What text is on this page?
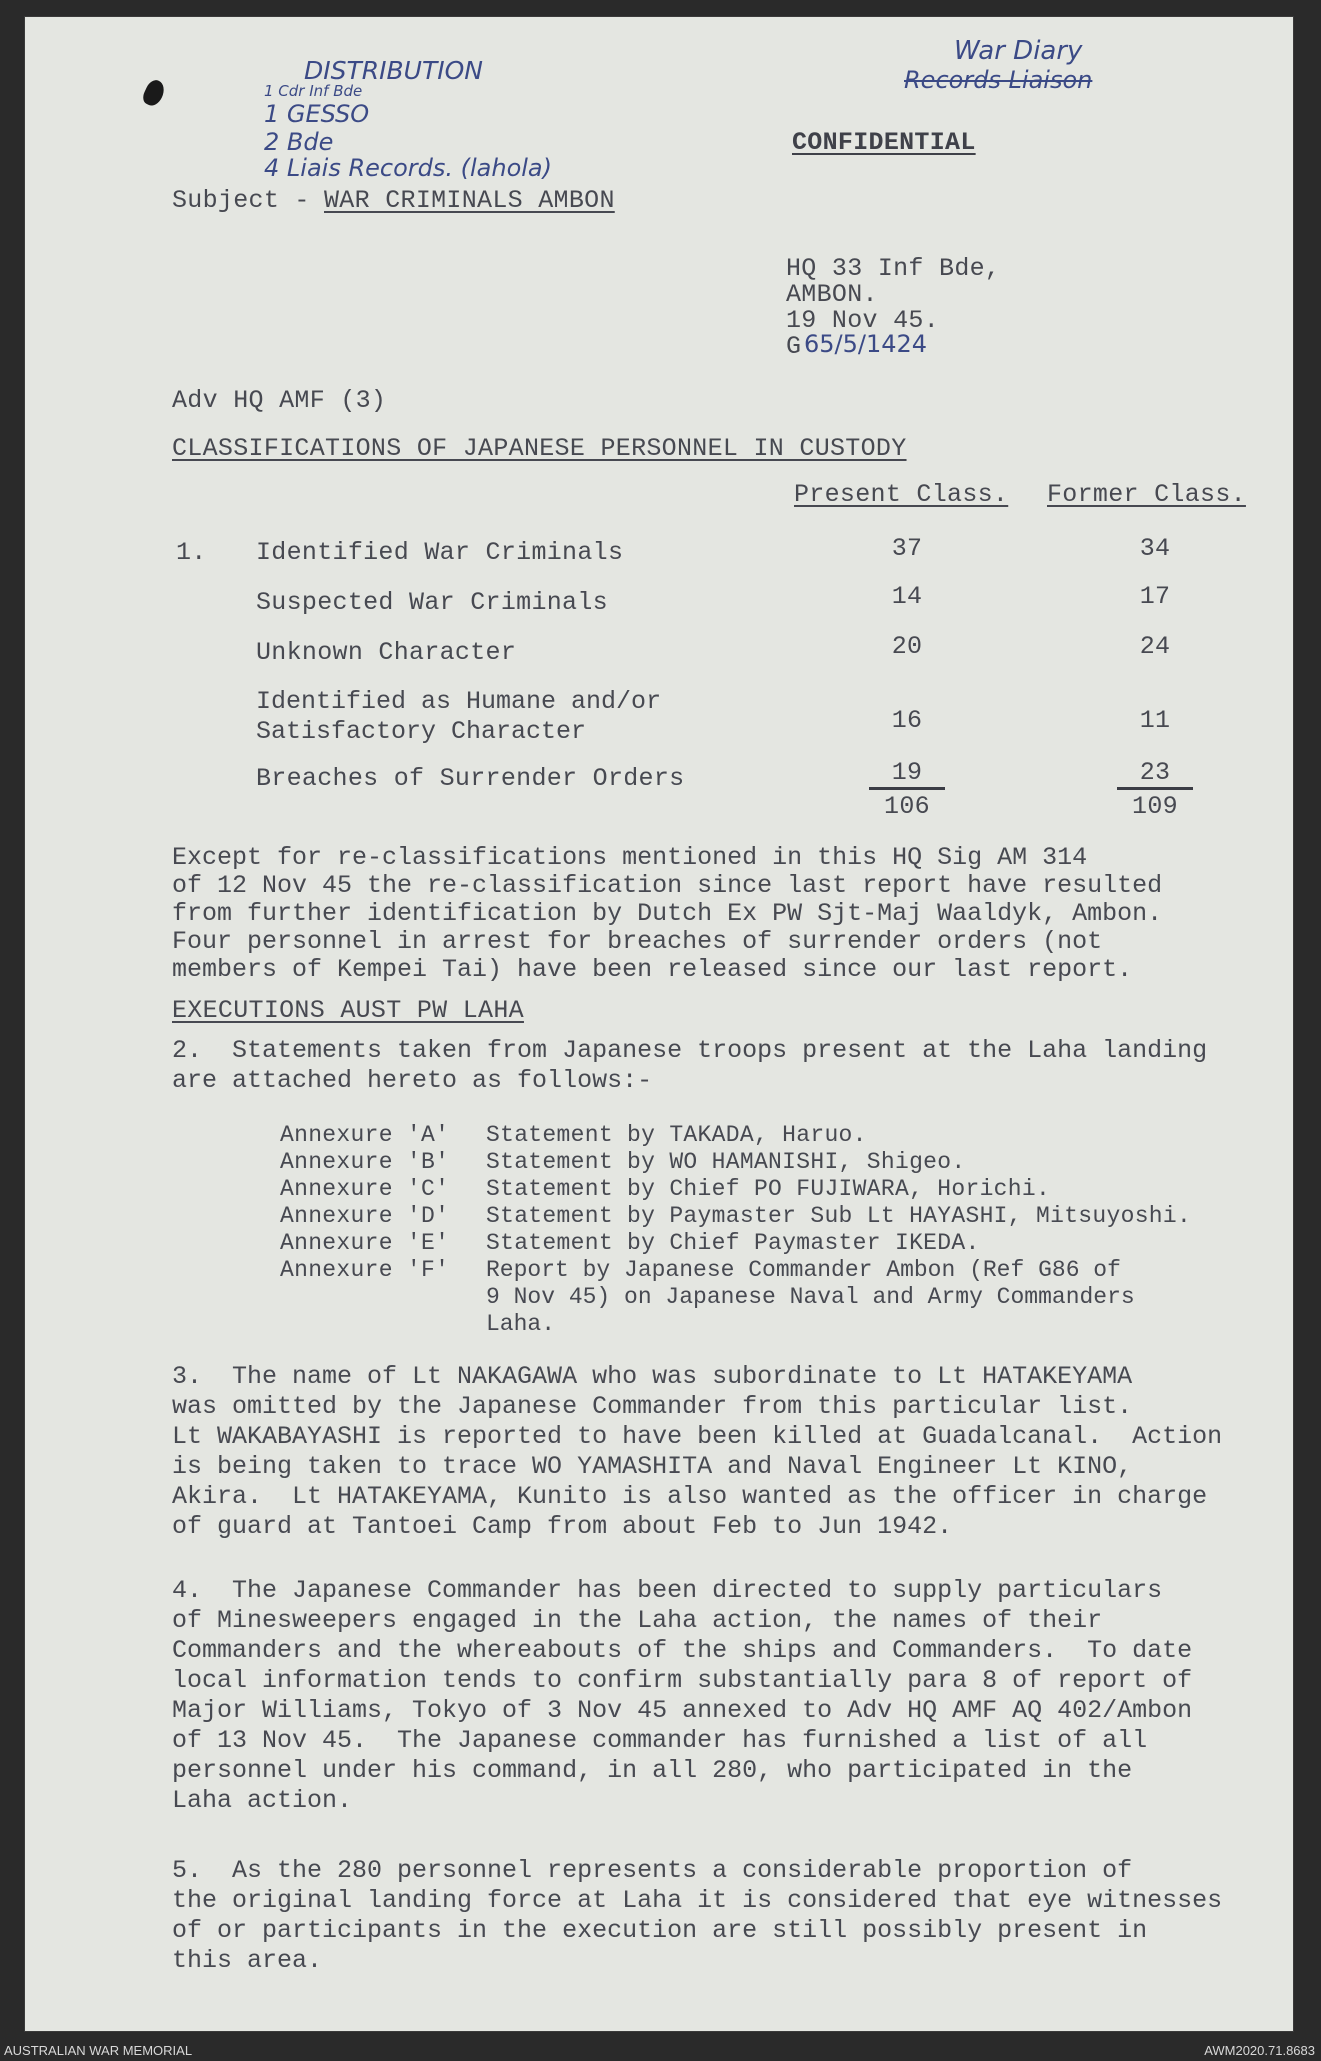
DISTRIBUTION
1 Cdr Inf Bde
1 GESSO
2 Bde
4 Liais Records. (lahola)
War Diary
Records Liaison
CONFIDENTIAL
Subject - WAR CRIMINALS AMBON
HQ 33 Inf Bde,
AMBON.
19 Nov 45.
G 65/5/1424
Adv HQ AMF (3)
CLASSIFICATIONS OF JAPANESE PERSONNEL IN CUSTODY
Present Class. Former Class.
1. Identified War Criminals	37	34
Suspected War Criminals	14	17
Unknown Character	20	24
Identified as Humane and/or
Satisfactory Character	16	11
Breaches of Surrender Orders	19	23
106	109
Except for re-classifications mentioned in this HQ Sig AM 314
of 12 Nov 45 the re-classification since last report have resulted
from further identification by Dutch Ex PW Sjt-Maj Waaldyk, Ambon.
Four personnel in arrest for breaches of surrender orders (not
members of Kempei Tai) have been released since our last report.
EXECUTIONS AUST PW LAHA
2.  Statements taken from Japanese troops present at the Laha landing
are attached hereto as follows:-
Annexure 'A' Statement by TAKADA, Haruo.
Annexure 'B' Statement by WO HAMANISHI, Shigeo.
Annexure 'C' Statement by Chief PO FUJIWARA, Horichi.
Annexure 'D' Statement by Paymaster Sub Lt HAYASHI, Mitsuyoshi.
Annexure 'E' Statement by Chief Paymaster IKEDA.
Annexure 'F' Report by Japanese Commander Ambon (Ref G86 of
9 Nov 45) on Japanese Naval and Army Commanders
Laha.
3.  The name of Lt NAKAGAWA who was subordinate to Lt HATAKEYAMA
was omitted by the Japanese Commander from this particular list.
Lt WAKABAYASHI is reported to have been killed at Guadalcanal.  Action
is being taken to trace WO YAMASHITA and Naval Engineer Lt KINO,
Akira.  Lt HATAKEYAMA, Kunito is also wanted as the officer in charge
of guard at Tantoei Camp from about Feb to Jun 1942.
4.  The Japanese Commander has been directed to supply particulars
of Minesweepers engaged in the Laha action, the names of their
Commanders and the whereabouts of the ships and Commanders.  To date
local information tends to confirm substantially para 8 of report of
Major Williams, Tokyo of 3 Nov 45 annexed to Adv HQ AMF AQ 402/Ambon
of 13 Nov 45.  The Japanese commander has furnished a list of all
personnel under his command, in all 280, who participated in the
Laha action.
5.  As the 280 personnel represents a considerable proportion of
the original landing force at Laha it is considered that eye witnesses
of or participants in the execution are still possibly present in
this area.
AUSTRALIAN WAR MEMORIAL	AWM2020.71.8683
